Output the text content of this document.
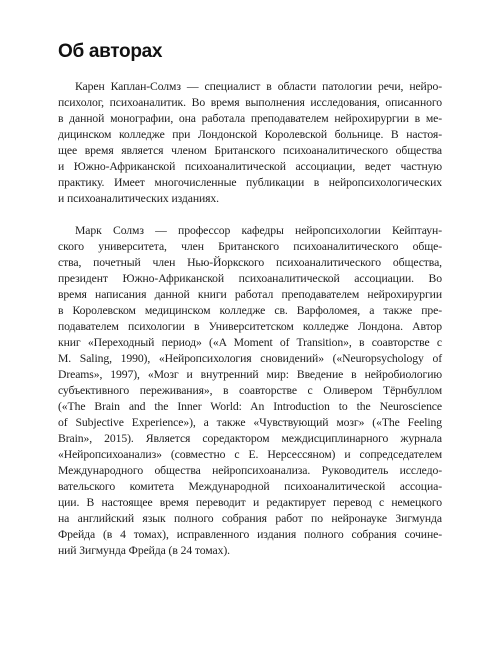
Об авторах
Карен Каплан-Солмз — специалист в области патологии речи, нейро-
психолог, психоаналитик. Во время выполнения исследования, описанного
в данной монографии, она работала преподавателем нейрохирургии в ме-
дицинском колледже при Лондонской Королевской больнице. В настоя-
щее время является членом Британского психоаналитического общества
и Южно-Африканской психоаналитической ассоциации, ведет частную
практику. Имеет многочисленные публикации в нейропсихологических
и психоаналитических изданиях.
Марк Солмз — профессор кафедры нейропсихологии Кейптаун-
ского университета, член Британского психоаналитического обще-
ства, почетный член Нью-Йоркского психоаналитического общества,
президент Южно-Африканской психоаналитической ассоциации. Во
время написания данной книги работал преподавателем нейрохирургии
в Королевском медицинском колледже св. Варфоломея, а также пре-
подавателем психологии в Университетском колледже Лондона. Автор
книг «Переходный период» («A Moment of Transition», в соавторстве с
M. Saling, 1990), «Нейропсихология сновидений» («Neuropsychology of
Dreams», 1997), «Мозг и внутренний мир: Введение в нейробиологию
субъективного переживания», в соавторстве с Оливером Тёрнбуллом
(«The Brain and the Inner World: An Introduction to the Neuroscience
of Subjective Experience»), а также «Чувствующий мозг» («The Feeling
Brain», 2015). Является соредактором междисциплинарного журнала
«Нейропсихоанализ» (совместно с Е. Нерсессяном) и сопредседателем
Международного общества нейропсихоанализа. Руководитель исследо-
вательского комитета Международной психоаналитической ассоциа-
ции. В настоящее время переводит и редактирует перевод с немецкого
на английский язык полного собрания работ по нейронауке Зигмунда
Фрейда (в 4 томах), исправленного издания полного собрания сочине-
ний Зигмунда Фрейда (в 24 томах).
